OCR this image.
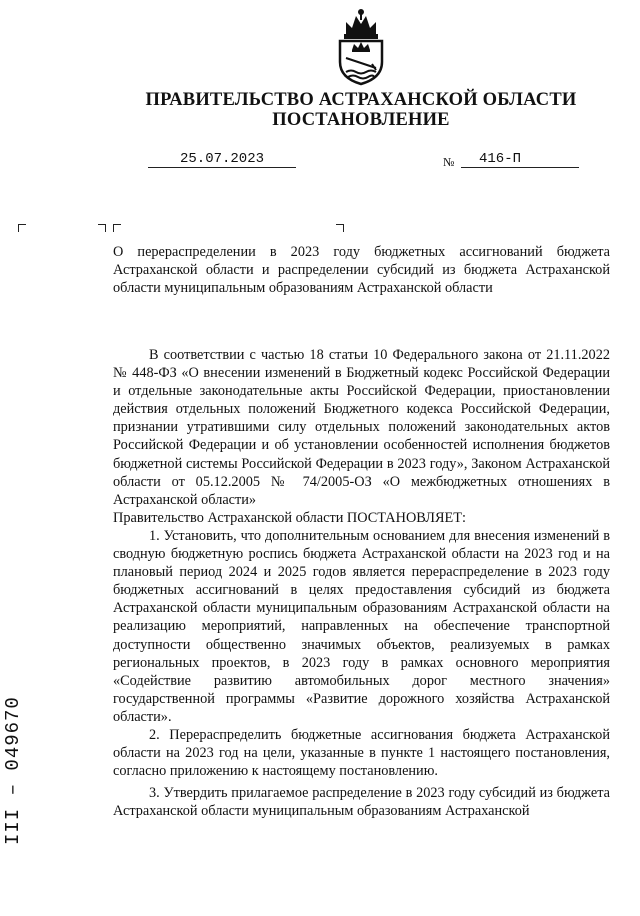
ПРАВИТЕЛЬСТВО АСТРАХАНСКОЙ ОБЛАСТИ
ПОСТАНОВЛЕНИЕ
25.07.2023	№	416-П
О перераспределении в 2023 году бюджетных ассигнований бюджета Астраханской области и распределении субсидий из бюджета Астраханской области муниципальным образованиям Астраханской области

В соответствии с частью 18 статьи 10 Федерального закона от 21.11.2022 № 448-ФЗ «О внесении изменений в Бюджетный кодекс Российской Федерации и отдельные законодательные акты Российской Федерации, приостановлении действия отдельных положений Бюджетного кодекса Российской Федерации, признании утратившими силу отдельных положений законодательных актов Российской Федерации и об установлении особенностей исполнения бюджетов бюджетной системы Российской Федерации в 2023 году», Законом Астраханской области от 05.12.2005 № 74/2005-ОЗ «О межбюджетных отношениях в Астраханской области»

Правительство Астраханской области ПОСТАНОВЛЯЕТ:

1. Установить, что дополнительным основанием для внесения изменений в сводную бюджетную роспись бюджета Астраханской области на 2023 год и на плановый период 2024 и 2025 годов является перераспределение в 2023 году бюджетных ассигнований в целях предоставления субсидий из бюджета Астраханской области муниципальным образованиям Астраханской области на реализацию мероприятий, направленных на обеспечение транспортной доступности общественно значимых объектов, реализуемых в рамках региональных проектов, в 2023 году в рамках основного мероприятия «Содействие развитию автомобильных дорог местного значения» государственной программы «Развитие дорожного хозяйства Астраханской области».

2. Перераспределить бюджетные ассигнования бюджета Астраханской области на 2023 год на цели, указанные в пункте 1 настоящего постановления, согласно приложению к настоящему постановлению.

3. Утвердить прилагаемое распределение в 2023 году субсидий из бюджета Астраханской области муниципальным образованиям Астраханской

ІІІ – 049670
